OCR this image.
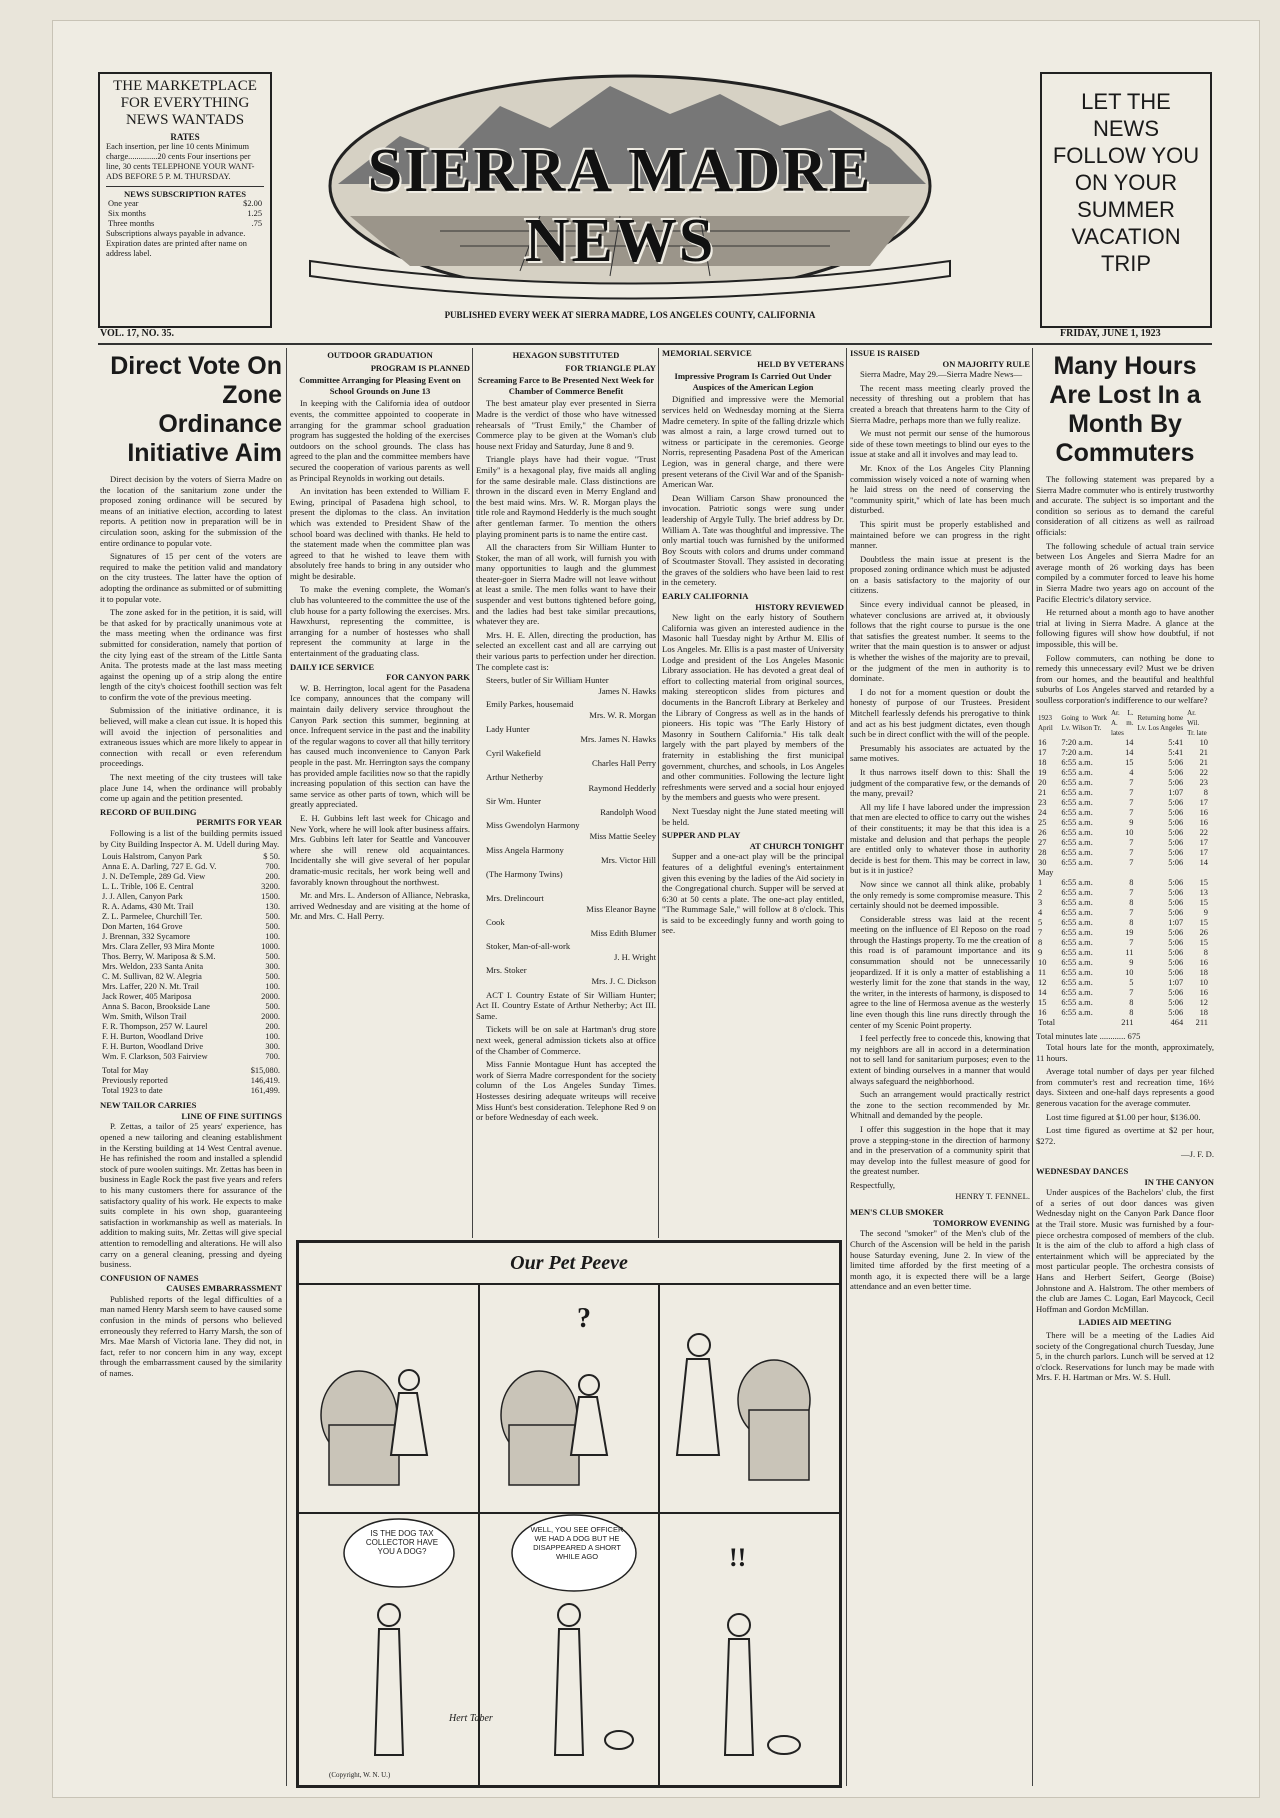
THE MARKETPLACE FOR EVERYTHING NEWS WANTADS
RATES
Each insertion, per line 10 cents Minimum charge..............20 cents Four insertions per line, 30 cents TELEPHONE YOUR WANT-ADS BEFORE 5 P. M. THURSDAY.
NEWS SUBSCRIPTION RATES
One year	$2.00
Six months	1.25
Three months	.75
Subscriptions always payable in advance. Expiration dates are printed after name on address label.
SIERRA MADRE NEWS
PUBLISHED EVERY WEEK AT SIERRA MADRE, LOS ANGELES COUNTY, CALIFORNIA
LET THE NEWS FOLLOW YOU ON YOUR SUMMER VACATION TRIP
VOL. 17, NO. 35.	FRIDAY, JUNE 1, 1923
Direct Vote On Zone Ordinance Initiative Aim

Direct decision by the voters of Sierra Madre on the location of the sanitarium zone under the proposed zoning ordinance will be secured by means of an initiative election, according to latest reports. A petition now in preparation will be in circulation soon, asking for the submission of the entire ordinance to popular vote.

Signatures of 15 per cent of the voters are required to make the petition valid and mandatory on the city trustees. The latter have the option of adopting the ordinance as submitted or of submitting it to popular vote.

The zone asked for in the petition, it is said, will be that asked for by practically unanimous vote at the mass meeting when the ordinance was first submitted for consideration, namely that portion of the city lying east of the stream of the Little Santa Anita. The protests made at the last mass meeting against the opening up of a strip along the entire length of the city's choicest foothill section was felt to confirm the vote of the previous meeting.

Submission of the initiative ordinance, it is believed, will make a clean cut issue. It is hoped this will avoid the injection of personalities and extraneous issues which are more likely to appear in connection with recall or even referendum proceedings.

The next meeting of the city trustees will take place June 14, when the ordinance will probably come up again and the petition presented.

RECORD OF BUILDING
PERMITS FOR YEAR

Following is a list of the building permits issued by City Building Inspector A. M. Udell during May.

Louis Halstrom, Canyon Park	$ 50.
Anna E. A. Darling, 727 E. Gd. V.	700.
J. N. DeTemple, 289 Gd. View	200.
L. L. Trible, 106 E. Central	3200.
J. J. Allen, Canyon Park	1500.
R. A. Adams, 430 Mt. Trail	130.
Z. L. Parmelee, Churchill Ter.	500.
Don Marten, 164 Grove	500.
J. Brennan, 332 Sycamore	100.
Mrs. Clara Zeller, 93 Mira Monte	1000.
Thos. Berry, W. Mariposa & S.M.	500.
Mrs. Weldon, 233 Santa Anita	300.
C. M. Sullivan, 82 W. Alegria	500.
Mrs. Laffer, 220 N. Mt. Trail	100.
Jack Rower, 405 Mariposa	2000.
Anna S. Bacon, Brookside Lane	500.
Wm. Smith, Wilson Trail	2000.
F. R. Thompson, 257 W. Laurel	200.
F. H. Burton, Woodland Drive	100.
F. H. Burton, Woodland Drive	300.
Wm. F. Clarkson, 503 Fairview	700.
Total for May	$15,080.
Previously reported	146,419.
Total 1923 to date	161,499.
NEW TAILOR CARRIES
LINE OF FINE SUITINGS

P. Zettas, a tailor of 25 years' experience, has opened a new tailoring and cleaning establishment in the Kersting building at 14 West Central avenue. He has refinished the room and installed a splendid stock of pure woolen suitings. Mr. Zettas has been in business in Eagle Rock the past five years and refers to his many customers there for assurance of the satisfactory quality of his work. He expects to make suits complete in his own shop, guaranteeing satisfaction in workmanship as well as materials. In addition to making suits, Mr. Zettas will give special attention to remodelling and alterations. He will also carry on a general cleaning, pressing and dyeing business.

CONFUSION OF NAMES
CAUSES EMBARRASSMENT

Published reports of the legal difficulties of a man named Henry Marsh seem to have caused some confusion in the minds of persons who believed erroneously they referred to Harry Marsh, the son of Mrs. Mae Marsh of Victoria lane. They did not, in fact, refer to nor concern him in any way, except through the embarrassment caused by the similarity of names.

OUTDOOR GRADUATION
PROGRAM IS PLANNED
Committee Arranging for Pleasing Event on School Grounds on June 13

In keeping with the California idea of outdoor events, the committee appointed to cooperate in arranging for the grammar school graduation program has suggested the holding of the exercises outdoors on the school grounds. The class has agreed to the plan and the committee members have secured the cooperation of various parents as well as Principal Reynolds in working out details.

An invitation has been extended to William F. Ewing, principal of Pasadena high school, to present the diplomas to the class. An invitation which was extended to President Shaw of the school board was declined with thanks. He held to the statement made when the committee plan was agreed to that he wished to leave them with absolutely free hands to bring in any outsider who might be desirable.

To make the evening complete, the Woman's club has volunteered to the committee the use of the club house for a party following the exercises. Mrs. Hawxhurst, representing the committee, is arranging for a number of hostesses who shall represent the community at large in the entertainment of the graduating class.

DAILY ICE SERVICE
FOR CANYON PARK

W. B. Herrington, local agent for the Pasadena Ice company, announces that the company will maintain daily delivery service throughout the Canyon Park section this summer, beginning at once. Infrequent service in the past and the inability of the regular wagons to cover all that hilly territory has caused much inconvenience to Canyon Park people in the past. Mr. Herrington says the company has provided ample facilities now so that the rapidly increasing population of this section can have the same service as other parts of town, which will be greatly appreciated.

E. H. Gubbins left last week for Chicago and New York, where he will look after business affairs. Mrs. Gubbins left later for Seattle and Vancouver where she will renew old acquaintances. Incidentally she will give several of her popular dramatic-music recitals, her work being well and favorably known throughout the northwest.

Mr. and Mrs. L. Anderson of Alliance, Nebraska, arrived Wednesday and are visiting at the home of Mr. and Mrs. C. Hall Perry.

HEXAGON SUBSTITUTED
FOR TRIANGLE PLAY
Screaming Farce to Be Presented Next Week for Chamber of Commerce Benefit

The best amateur play ever presented in Sierra Madre is the verdict of those who have witnessed rehearsals of "Trust Emily," the Chamber of Commerce play to be given at the Woman's club house next Friday and Saturday, June 8 and 9.

Triangle plays have had their vogue. "Trust Emily" is a hexagonal play, five maids all angling for the same desirable male. Class distinctions are thrown in the discard even in Merry England and the best maid wins. Mrs. W. R. Morgan plays the title role and Raymond Hedderly is the much sought after gentleman farmer. To mention the others playing prominent parts is to name the entire cast.

All the characters from Sir William Hunter to Stoker, the man of all work, will furnish you with many opportunities to laugh and the glummest theater-goer in Sierra Madre will not leave without at least a smile. The men folks want to have their suspender and vest buttons tightened before going, and the ladies had best take similar precautions, whatever they are.

Mrs. H. E. Allen, directing the production, has selected an excellent cast and all are carrying out their various parts to perfection under her direction. The complete cast is:

Steers, butler of Sir William Hunter

James N. Hawks

Emily Parkes, housemaid

Mrs. W. R. Morgan

Lady Hunter

Mrs. James N. Hawks

Cyril Wakefield

Charles Hall Perry

Arthur Netherby

Raymond Hedderly

Sir Wm. Hunter

Randolph Wood

Miss Gwendolyn Harmony

Miss Mattie Seeley

Miss Angela Harmony

Mrs. Victor Hill

(The Harmony Twins)

Mrs. Drelincourt

Miss Eleanor Bayne

Cook

Miss Edith Blumer

Stoker, Man-of-all-work

J. H. Wright

Mrs. Stoker

Mrs. J. C. Dickson

ACT I. Country Estate of Sir William Hunter; Act II. Country Estate of Arthur Netherby; Act III. Same.

Tickets will be on sale at Hartman's drug store next week, general admission tickets also at office of the Chamber of Commerce.

Miss Fannie Montague Hunt has accepted the work of Sierra Madre correspondent for the society column of the Los Angeles Sunday Times. Hostesses desiring adequate writeups will receive Miss Hunt's best consideration. Telephone Red 9 on or before Wednesday of each week.

MEMORIAL SERVICE
HELD BY VETERANS
Impressive Program Is Carried Out Under Auspices of the American Legion

Dignified and impressive were the Memorial services held on Wednesday morning at the Sierra Madre cemetery. In spite of the falling drizzle which was almost a rain, a large crowd turned out to witness or participate in the ceremonies. George Norris, representing Pasadena Post of the American Legion, was in general charge, and there were present veterans of the Civil War and of the Spanish-American War.

Dean William Carson Shaw pronounced the invocation. Patriotic songs were sung under leadership of Argyle Tully. The brief address by Dr. William A. Tate was thoughtful and impressive. The only martial touch was furnished by the uniformed Boy Scouts with colors and drums under command of Scoutmaster Stovall. They assisted in decorating the graves of the soldiers who have been laid to rest in the cemetery.

EARLY CALIFORNIA
HISTORY REVIEWED

New light on the early history of Southern California was given an interested audience in the Masonic hall Tuesday night by Arthur M. Ellis of Los Angeles. Mr. Ellis is a past master of University Lodge and president of the Los Angeles Masonic Library association. He has devoted a great deal of effort to collecting material from original sources, making stereopticon slides from pictures and documents in the Bancroft Library at Berkeley and the Library of Congress as well as in the hands of pioneers. His topic was "The Early History of Masonry in Southern California." His talk dealt largely with the part played by members of the fraternity in establishing the first municipal government, churches, and schools, in Los Angeles and other communities. Following the lecture light refreshments were served and a social hour enjoyed by the members and guests who were present.

Next Tuesday night the June stated meeting will be held.

SUPPER AND PLAY
AT CHURCH TONIGHT

Supper and a one-act play will be the principal features of a delightful evening's entertainment given this evening by the ladies of the Aid society in the Congregational church. Supper will be served at 6:30 at 50 cents a plate. The one-act play entitled, "The Rummage Sale," will follow at 8 o'clock. This is said to be exceedingly funny and worth going to see.

ISSUE IS RAISED
ON MAJORITY RULE

Sierra Madre, May 29.—Sierra Madre News—

The recent mass meeting clearly proved the necessity of threshing out a problem that has created a breach that threatens harm to the City of Sierra Madre, perhaps more than we fully realize.

We must not permit our sense of the humorous side of these town meetings to blind our eyes to the issue at stake and all it involves and may lead to.

Mr. Knox of the Los Angeles City Planning commission wisely voiced a note of warning when he laid stress on the need of conserving the "community spirit," which of late has been much disturbed.

This spirit must be properly established and maintained before we can progress in the right manner.

Doubtless the main issue at present is the proposed zoning ordinance which must be adjusted on a basis satisfactory to the majority of our citizens.

Since every individual cannot be pleased, in whatever conclusions are arrived at, it obviously follows that the right course to pursue is the one that satisfies the greatest number. It seems to the writer that the main question is to answer or adjust is whether the wishes of the majority are to prevail, or the judgment of the men in authority is to dominate.

I do not for a moment question or doubt the honesty of purpose of our Trustees. President Mitchell fearlessly defends his prerogative to think and act as his best judgment dictates, even though such be in direct conflict with the will of the people.

Presumably his associates are actuated by the same motives.

It thus narrows itself down to this: Shall the judgment of the comparative few, or the demands of the many, prevail?

All my life I have labored under the impression that men are elected to office to carry out the wishes of their constituents; it may be that this idea is a mistake and delusion and that perhaps the people are entitled only to whatever those in authority decide is best for them. This may be correct in law, but is it in justice?

Now since we cannot all think alike, probably the only remedy is some compromise measure. This certainly should not be deemed impossible.

Considerable stress was laid at the recent meeting on the influence of El Reposo on the road through the Hastings property. To me the creation of this road is of paramount importance and its consummation should not be unnecessarily jeopardized. If it is only a matter of establishing a westerly limit for the zone that stands in the way, the writer, in the interests of harmony, is disposed to agree to the line of Hermosa avenue as the westerly line even though this line runs directly through the center of my Scenic Point property.

I feel perfectly free to concede this, knowing that my neighbors are all in accord in a determination not to sell land for sanitarium purposes; even to the extent of binding ourselves in a manner that would always safeguard the neighborhood.

Such an arrangement would practically restrict the zone to the section recommended by Mr. Whitnall and demanded by the people.

I offer this suggestion in the hope that it may prove a stepping-stone in the direction of harmony and in the preservation of a community spirit that may develop into the fullest measure of good for the greatest number.

Respectfully,
HENRY T. FENNEL.
MEN'S CLUB SMOKER
TOMORROW EVENING

The second "smoker" of the Men's club of the Church of the Ascension will be held in the parish house Saturday evening, June 2. In view of the limited time afforded by the first meeting of a month ago, it is expected there will be a large attendance and an even better time.

Many Hours Are Lost In a Month By Commuters

The following statement was prepared by a Sierra Madre commuter who is entirely trustworthy and accurate. The subject is so important and the condition so serious as to demand the careful consideration of all citizens as well as railroad officials:

The following schedule of actual train service between Los Angeles and Sierra Madre for an average month of 26 working days has been compiled by a commuter forced to leave his home in Sierra Madre two years ago on account of the Pacific Electric's dilatory service.

He returned about a month ago to have another trial at living in Sierra Madre. A glance at the following figures will show how doubtful, if not impossible, this will be.

Follow commuters, can nothing be done to remedy this unnecessary evil? Must we be driven from our homes, and the beautiful and healthful suburbs of Los Angeles starved and retarded by a soulless corporation's indifference to our welfare?

1923 April	Going to Work Lv. Wilson Tr.	Ar. L. A. m. lates	Returning home Lv. Los Angeles	Ar. Wil. Tr. late	
16	7:20 a.m.	14	5:41	10	
17	7:20 a.m.	14	5:41	21	
18	6:55 a.m.	15	5:06	21	
19	6:55 a.m.	4	5:06	22	
20	6:55 a.m.	7	5:06	23	
21	6:55 a.m.	7	1:07	8	
23	6:55 a.m.	7	5:06	17	
24	6:55 a.m.	7	5:06	16	
25	6:55 a.m.	9	5:06	16	
26	6:55 a.m.	10	5:06	22	
27	6:55 a.m.	7	5:06	17	
28	6:55 a.m.	7	5:06	17	
30	6:55 a.m.	7	5:06	14	
May					
1	6:55 a.m.	8	5:06	15	
2	6:55 a.m.	7	5:06	13	
3	6:55 a.m.	8	5:06	15	
4	6:55 a.m.	7	5:06	9	
5	6:55 a.m.	8	1:07	15	
7	6:55 a.m.	19	5:06	26	
8	6:55 a.m.	7	5:06	15	
9	6:55 a.m.	11	5:06	8	
10	6:55 a.m.	9	5:06	16	
11	6:55 a.m.	10	5:06	18	
12	6:55 a.m.	5	1:07	10	
14	6:55 a.m.	7	5:06	16	
15	6:55 a.m.	8	5:06	12	
16	6:55 a.m.	8	5:06	18	
Total		211	464	211	
Total minutes late ............ 675

Total hours late for the month, approximately, 11 hours.

Average total number of days per year filched from commuter's rest and recreation time, 16½ days. Sixteen and one-half days represents a good generous vacation for the average commuter.

Lost time figured at $1.00 per hour, $136.00.

Lost time figured as overtime at $2 per hour, $272.

—J. F. D.
WEDNESDAY DANCES
IN THE CANYON

Under auspices of the Bachelors' club, the first of a series of out door dances was given Wednesday night on the Canyon Park Dance floor at the Trail store. Music was furnished by a four-piece orchestra composed of members of the club. It is the aim of the club to afford a high class of entertainment which will be appreciated by the most particular people. The orchestra consists of Hans and Herbert Seifert, George (Boise) Johnstone and A. Halstrom. The other members of the club are James C. Logan, Earl Maycock, Cecil Hoffman and Gordon McMillan.

LADIES AID MEETING

There will be a meeting of the Ladies Aid society of the Congregational church Tuesday, June 5, in the church parlors. Lunch will be served at 12 o'clock. Reservations for lunch may be made with Mrs. F. H. Hartman or Mrs. W. S. Hull.

Our Pet Peeve
IS THE DOG TAX COLLECTOR HAVE YOU A DOG?
WELL, YOU SEE OFFICER WE HAD A DOG BUT HE DISAPPEARED A SHORT WHILE AGO
?
!!
Hert Taber
(Copyright, W. N. U.)
